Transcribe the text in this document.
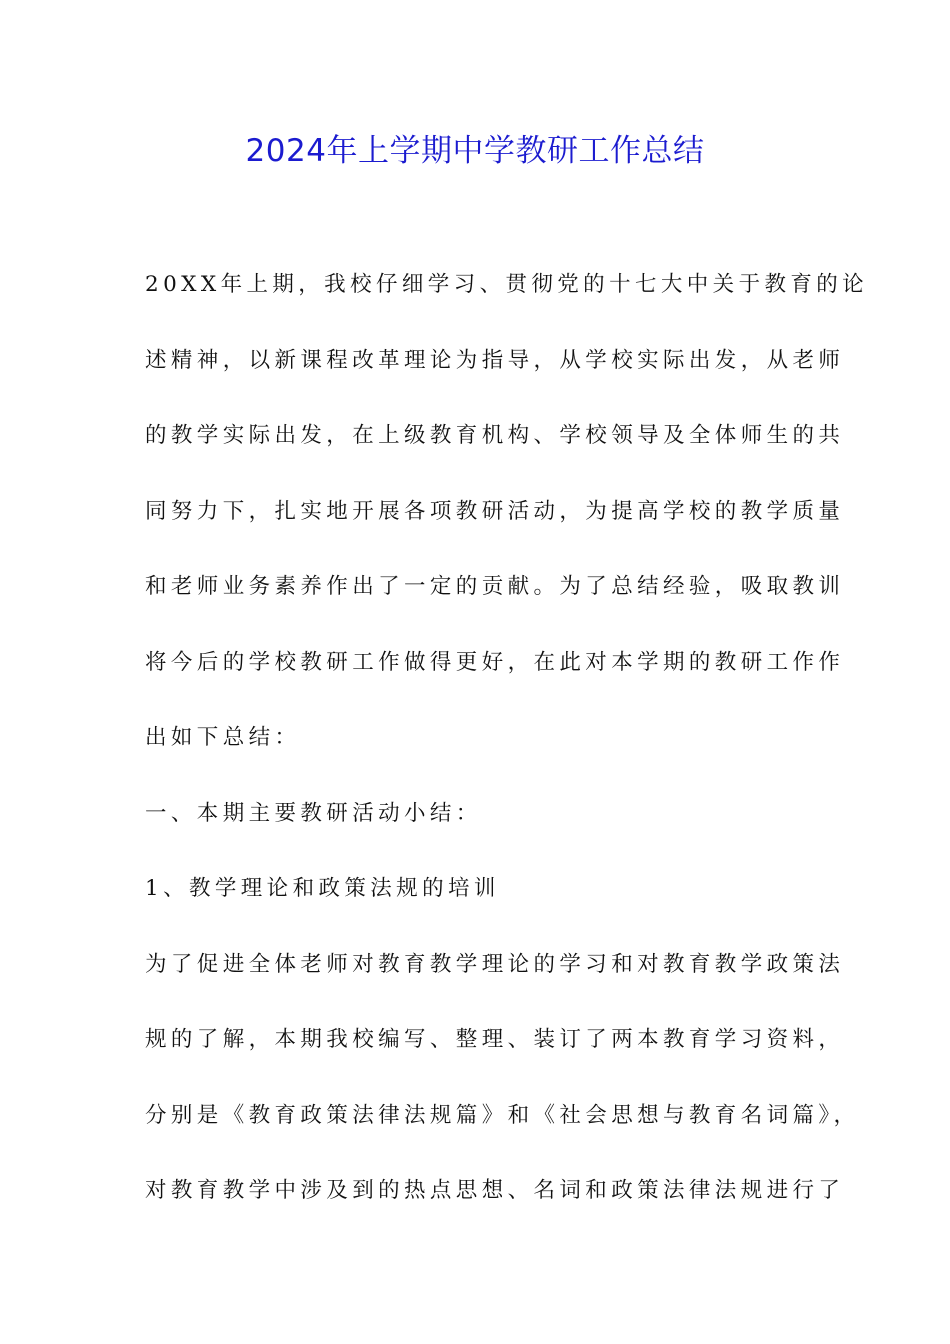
2024年上学期中学教研工作总结
20XX年上期，我校仔细学习、贯彻党的十七大中关于教育的论
述精神，以新课程改革理论为指导，从学校实际出发，从老师
的教学实际出发，在上级教育机构、学校领导及全体师生的共
同努力下，扎实地开展各项教研活动，为提高学校的教学质量
和老师业务素养作出了一定的贡献。为了总结经验，吸取教训
将今后的学校教研工作做得更好，在此对本学期的教研工作作
出如下总结：
一、本期主要教研活动小结：
1、教学理论和政策法规的培训
为了促进全体老师对教育教学理论的学习和对教育教学政策法
规的了解，本期我校编写、整理、装订了两本教育学习资料，
分别是《教育政策法律法规篇》和《社会思想与教育名词篇》，
对教育教学中涉及到的热点思想、名词和政策法律法规进行了
